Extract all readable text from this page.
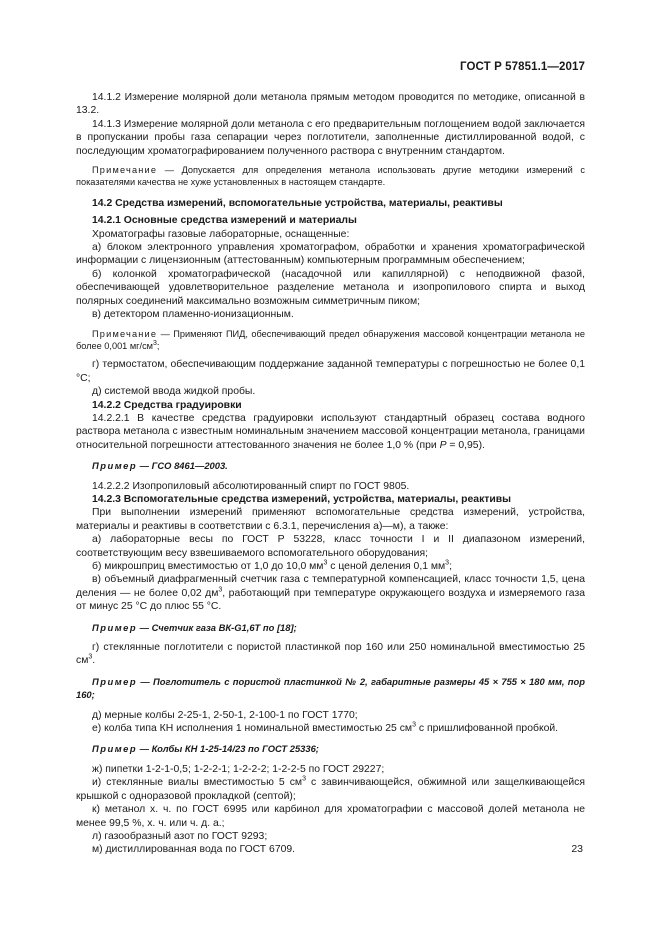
ГОСТ Р 57851.1—2017

14.1.2 Измерение молярной доли метанола прямым методом проводится по методике, описанной в 13.2.

14.1.3 Измерение молярной доли метанола с его предварительным поглощением водой заключается в пропускании пробы газа сепарации через поглотители, заполненные дистиллированной водой, с последующим хроматографированием полученного раствора с внутренним стандартом.

Примечание — Допускается для определения метанола использовать другие методики измерений с показателями качества не хуже установленных в настоящем стандарте.

14.2 Средства измерений, вспомогательные устройства, материалы, реактивы

14.2.1 Основные средства измерений и материалы

Хроматографы газовые лабораторные, оснащенные:

а) блоком электронного управления хроматографом, обработки и хранения хроматографической информации с лицензионным (аттестованным) компьютерным программным обеспечением;

б) колонкой хроматографической (насадочной или капиллярной) с неподвижной фазой, обеспечивающей удовлетворительное разделение метанола и изопропилового спирта и выход полярных соединений максимально возможным симметричным пиком;

в) детектором пламенно-ионизационным.

Примечание — Применяют ПИД, обеспечивающий предел обнаружения массовой концентрации метанола не более 0,001 $мг/см^3$;

г) термостатом, обеспечивающим поддержание заданной температуры с погрешностью не более 0,1 °С;

д) системой ввода жидкой пробы.

14.2.2 Средства градуировки

14.2.2.1 В качестве средства градуировки используют стандартный образец состава водного раствора метанола с известным номинальным значением массовой концентрации метанола, границами относительной погрешности аттестованного значения не более 1,0 % (при P = 0,95).

Пример — ГСО 8461—2003.

14.2.2.2 Изопропиловый абсолютированный спирт по ГОСТ 9805.

14.2.3 Вспомогательные средства измерений, устройства, материалы, реактивы

При выполнении измерений применяют вспомогательные средства измерений, устройства, материалы и реактивы в соответствии с 6.3.1, перечисления а)—м), а также:

а) лабораторные весы по ГОСТ Р 53228, класс точности I и II диапазоном измерений, соответствующим весу взвешиваемого вспомогательного оборудования;

б) микрошприц вместимостью от 1,0 до 10,0 $мм^3$ с ценой деления 0,1 $мм^3$;

в) объемный диафрагменный счетчик газа с температурной компенсацией, класс точности 1,5, цена деления — не более 0,02 $дм^3$, работающий при температуре окружающего воздуха и измеряемого газа от минус 25 °С до плюс 55 °С.

Пример — Счетчик газа ВК-G1,6Т по [18];

г) стеклянные поглотители с пористой пластинкой пор 160 или 250 номинальной вместимостью 25 $см^3$.

Пример — Поглотитель с пористой пластинкой № 2, габаритные размеры 45 × 755 × 180 мм, пор 160;

д) мерные колбы 2-25-1, 2-50-1, 2-100-1 по ГОСТ 1770;

е) колба типа КН исполнения 1 номинальной вместимостью 25 $см^3$ с пришлифованной пробкой.

Пример — Колбы КН 1-25-14/23 по ГОСТ 25336;

ж) пипетки 1-2-1-0,5; 1-2-2-1; 1-2-2-2; 1-2-2-5 по ГОСТ 29227;

и) стеклянные виалы вместимостью 5 $см^3$ с завинчивающейся, обжимной или защелкивающейся крышкой с одноразовой прокладкой (септой);

к) метанол х. ч. по ГОСТ 6995 или карбинол для хроматографии с массовой долей метанола не менее 99,5 %, х. ч. или ч. д. а.;

л) газообразный азот по ГОСТ 9293;

м) дистиллированная вода по ГОСТ 6709.	23
